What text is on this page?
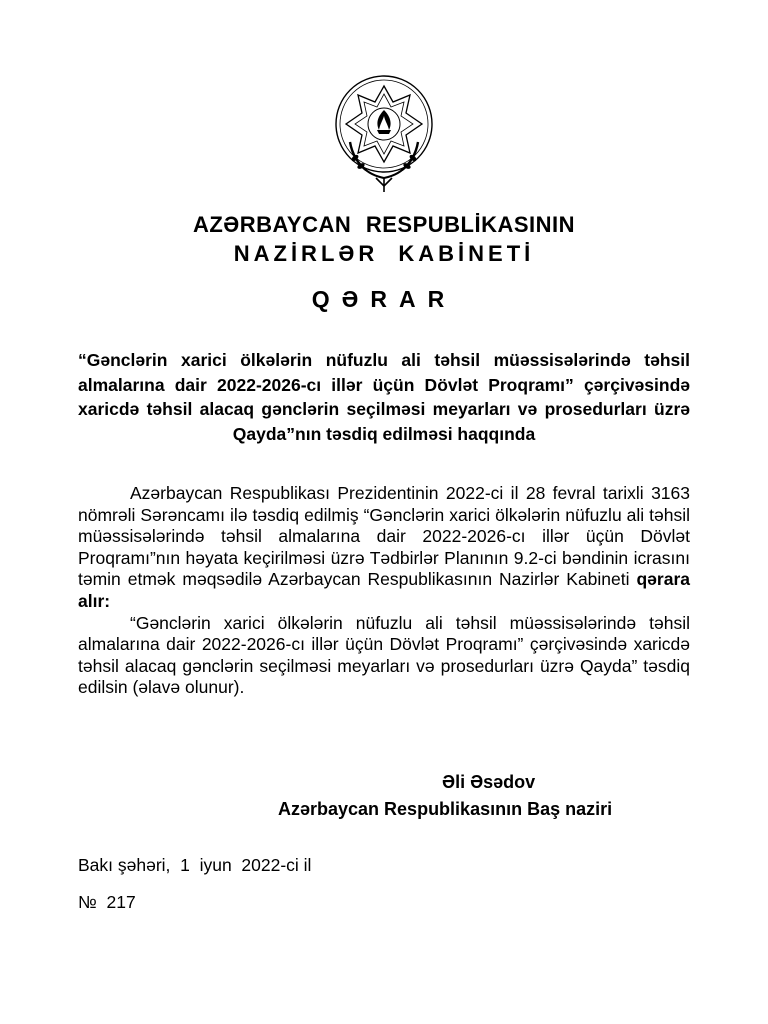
AZƏRBAYCAN RESPUBLİKASININ
NAZİRLƏR KABİNETİ
QƏRAR
“Gənclərin xarici ölkələrin nüfuzlu ali təhsil müəssisələrində təhsil almalarına dair 2022-2026-cı illər üçün Dövlət Proqramı” çərçivəsində xaricdə təhsil alacaq gənclərin seçilməsi meyarları və prosedurları üzrə Qayda”nın təsdiq edilməsi haqqında

Azərbaycan Respublikası Prezidentinin 2022-ci il 28 fevral tarixli 3163 nömrəli Sərəncamı ilə təsdiq edilmiş “Gənclərin xarici ölkələrin nüfuzlu ali təhsil müəssisələrində təhsil almalarına dair 2022-2026-cı illər üçün Dövlət Proqramı”nın həyata keçirilməsi üzrə Tədbirlər Planının 9.2-ci bəndinin icrasını təmin etmək məqsədilə Azərbaycan Respublikasının Nazirlər Kabineti qərara alır:

“Gənclərin xarici ölkələrin nüfuzlu ali təhsil müəssisələrində təhsil almalarına dair 2022-2026-cı illər üçün Dövlət Proqramı” çərçivəsində xaricdə təhsil alacaq gənclərin seçilməsi meyarları və prosedurları üzrə Qayda” təsdiq edilsin (əlavə olunur).

Əli Əsədov
Azərbaycan Respublikasının Baş naziri
Bakı şəhəri,  1  iyun  2022-ci il
№  217
